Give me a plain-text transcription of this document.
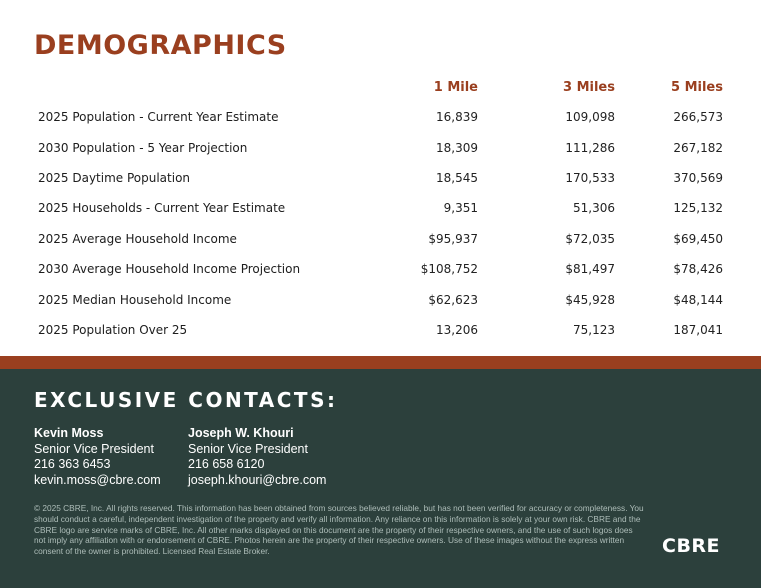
DEMOGRAPHICS
	1 Mile	3 Miles	5 Miles
2025 Population - Current Year Estimate	16,839	109,098	266,573
2030 Population - 5 Year Projection	18,309	111,286	267,182
2025 Daytime Population	18,545	170,533	370,569
2025 Households - Current Year Estimate	9,351	51,306	125,132
2025 Average Household Income	$95,937	$72,035	$69,450
2030 Average Household Income Projection	$108,752	$81,497	$78,426
2025 Median Household Income	$62,623	$45,928	$48,144
2025 Population Over 25	13,206	75,123	187,041
EXCLUSIVE CONTACTS:
Kevin Moss
Senior Vice President
216 363 6453
kevin.moss@cbre.com
Joseph W. Khouri
Senior Vice President
216 658 6120
joseph.khouri@cbre.com
© 2025 CBRE, Inc. All rights reserved. This information has been obtained from sources believed reliable, but has not been verified for accuracy or completeness. You should conduct a careful, independent investigation of the property and verify all information. Any reliance on this information is solely at your own risk. CBRE and the CBRE logo are service marks of CBRE, Inc. All other marks displayed on this document are the property of their respective owners, and the use of such logos does not imply any affiliation with or endorsement of CBRE. Photos herein are the property of their respective owners. Use of these images without the express written consent of the owner is prohibited. Licensed Real Estate Broker.	CBRE
